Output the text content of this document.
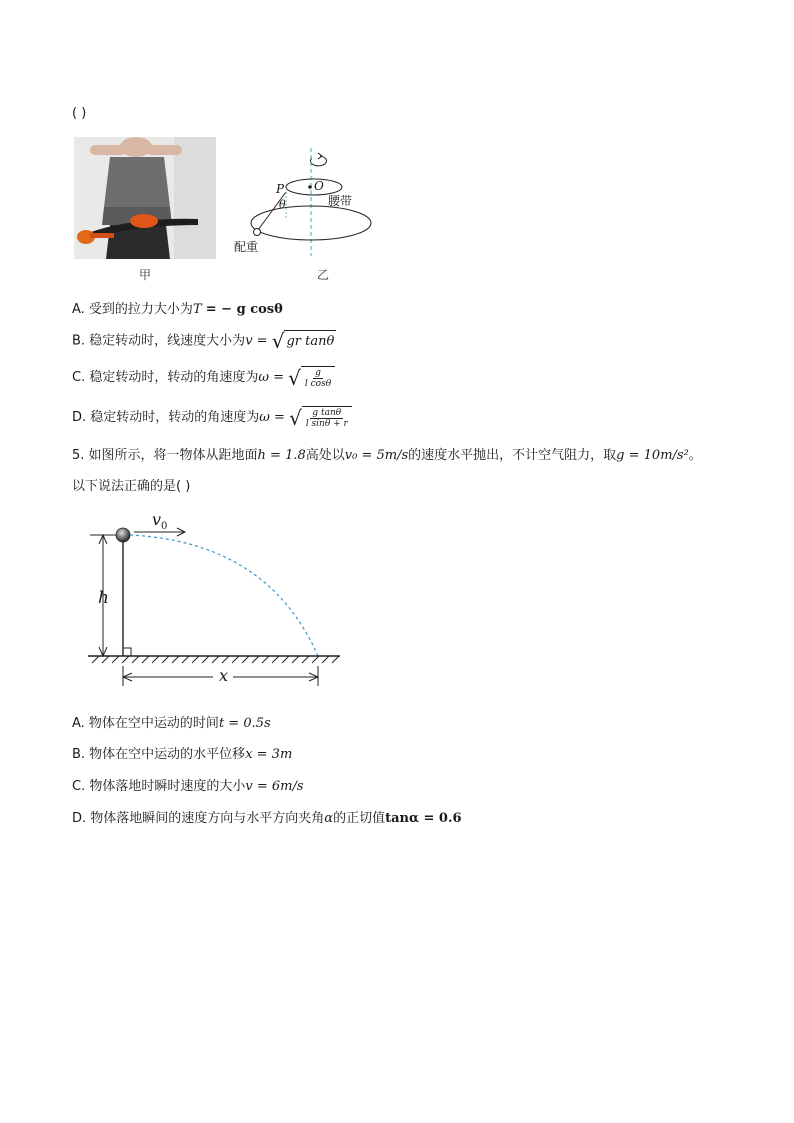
( )
甲
P O
θ	腰带
配重
乙
A. 受到的拉力大小为T = − g cosθ
B. 稳定转动时，线速度大小为v = √ gr tanθ
C. 稳定转动时，转动的角速度为ω = √ $\frac{g}{\text{l cosθ}}$
D. 稳定转动时，转动的角速度为ω = √ $\frac{\text{g tanθ}}{\text{l sinθ + r}}$
5. 如图所示，将一物体从距地面h = 1.8高处以v₀ = 5m/s的速度水平抛出，不计空气阻力，取g = 10m/s²。
以下说法正确的是( )
$v_0$
h
x
A. 物体在空中运动的时间t = 0.5s
B. 物体在空中运动的水平位移x = 3m
C. 物体落地时瞬时速度的大小v = 6m/s
D. 物体落地瞬间的速度方向与水平方向夹角α的正切值tanα = 0.6
